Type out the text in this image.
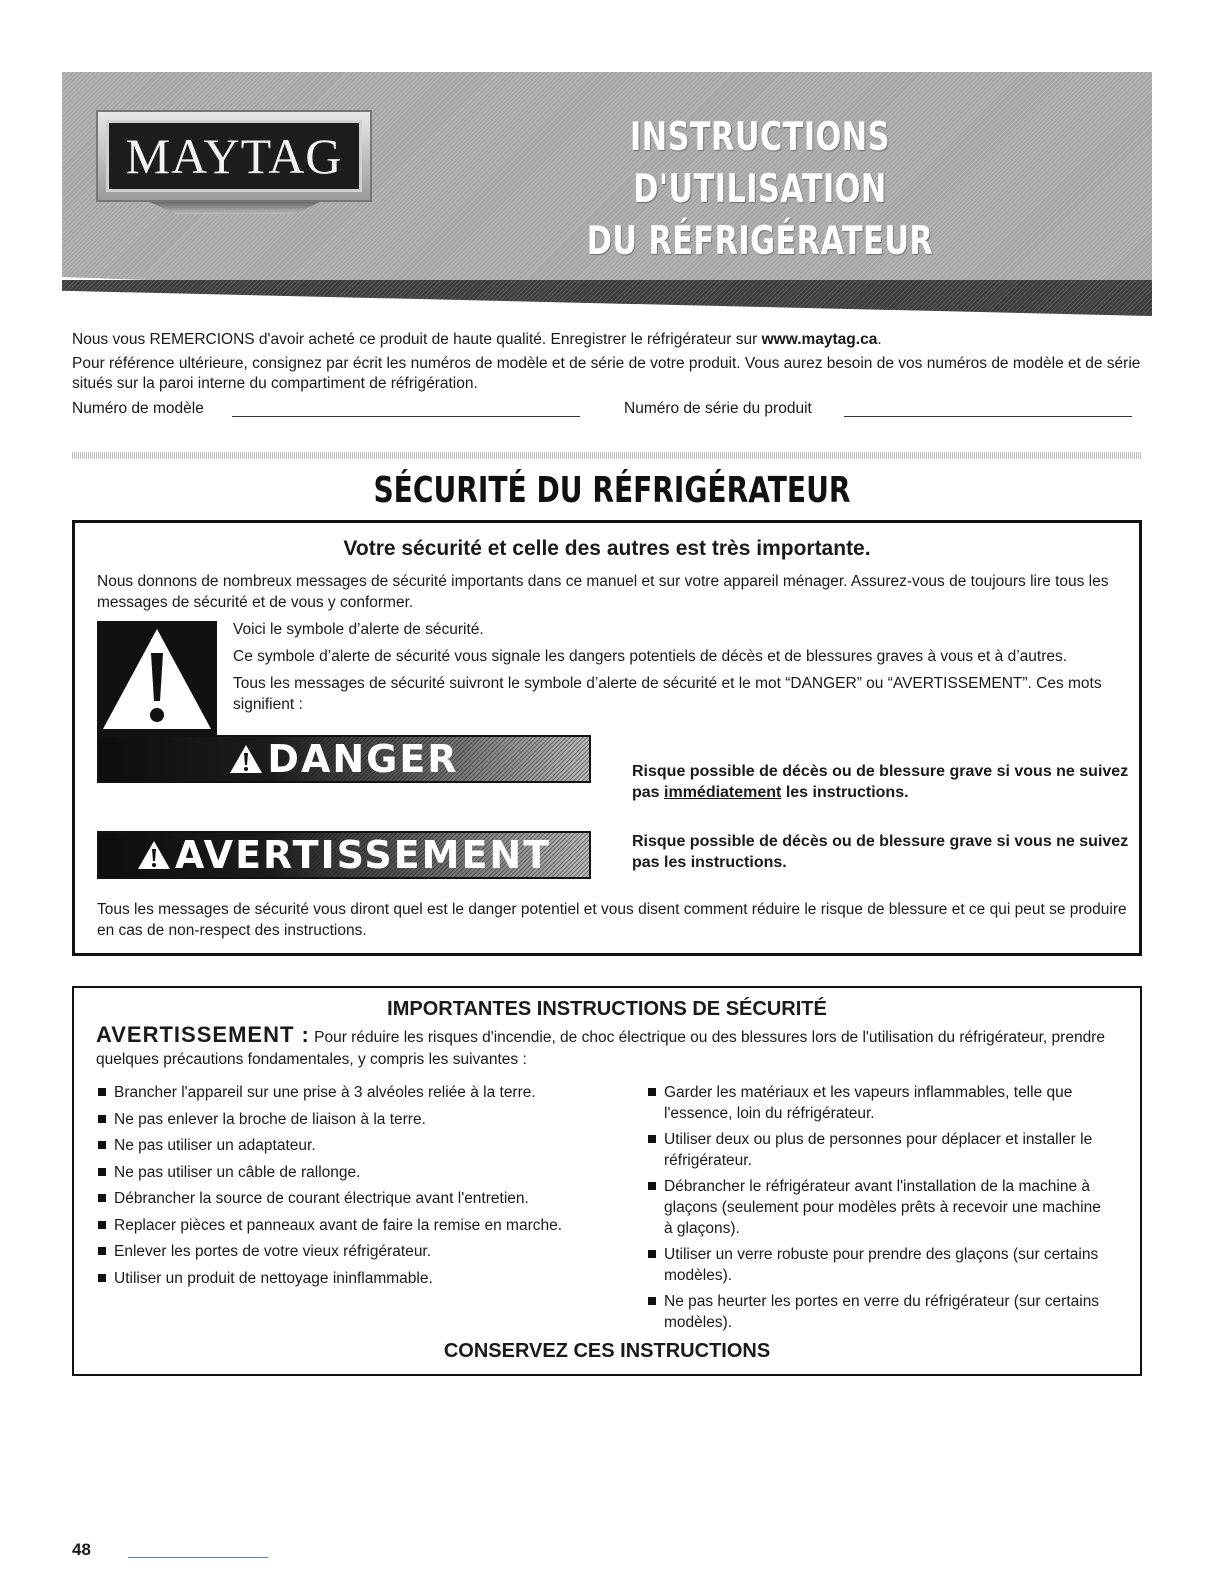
MAYTAG	INSTRUCTIONS D'UTILISATION
DU RÉFRIGÉRATEUR

Nous vous REMERCIONS d'avoir acheté ce produit de haute qualité. Enregistrer le réfrigérateur sur www.maytag.ca.

Pour référence ultérieure, consignez par écrit les numéros de modèle et de série de votre produit. Vous aurez besoin de vos numéros de modèle et de série situés sur la paroi interne du compartiment de réfrigération.

Numéro de modèle	Numéro de série du produit
SÉCURITÉ DU RÉFRIGÉRATEUR
Votre sécurité et celle des autres est très importante.
Nous donnons de nombreux messages de sécurité importants dans ce manuel et sur votre appareil ménager. Assurez-vous de toujours lire tous les messages de sécurité et de vous y conformer.

Voici le symbole d’alerte de sécurité.

Ce symbole d’alerte de sécurité vous signale les dangers potentiels de décès et de blessures graves à vous et à d’autres.

Tous les messages de sécurité suivront le symbole d’alerte de sécurité et le mot “DANGER” ou “AVERTISSEMENT”. Ces mots signifient :

DANGER	Risque possible de décès ou de blessure grave si vous ne suivez pas immédiatement les instructions.
AVERTISSEMENT	Risque possible de décès ou de blessure grave si vous ne suivez pas les instructions.
Tous les messages de sécurité vous diront quel est le danger potentiel et vous disent comment réduire le risque de blessure et ce qui peut se produire en cas de non-respect des instructions.
IMPORTANTES INSTRUCTIONS DE SÉCURITÉ
AVERTISSEMENT : Pour réduire les risques d'incendie, de choc électrique ou des blessures lors de l'utilisation du réfrigérateur, prendre quelques précautions fondamentales, y compris les suivantes :
Brancher l'appareil sur une prise à 3 alvéoles reliée à la terre.
Ne pas enlever la broche de liaison à la terre.
Ne pas utiliser un adaptateur.
Ne pas utiliser un câble de rallonge.
Débrancher la source de courant électrique avant l'entretien.
Replacer pièces et panneaux avant de faire la remise en marche.
Enlever les portes de votre vieux réfrigérateur.
Utiliser un produit de nettoyage ininflammable.
Garder les matériaux et les vapeurs inflammables, telle que l'essence, loin du réfrigérateur.
Utiliser deux ou plus de personnes pour déplacer et installer le réfrigérateur.
Débrancher le réfrigérateur avant l'installation de la machine à glaçons (seulement pour modèles prêts à recevoir une machine à glaçons).
Utiliser un verre robuste pour prendre des glaçons (sur certains modèles).
Ne pas heurter les portes en verre du réfrigérateur (sur certains modèles).
CONSERVEZ CES INSTRUCTIONS
48
